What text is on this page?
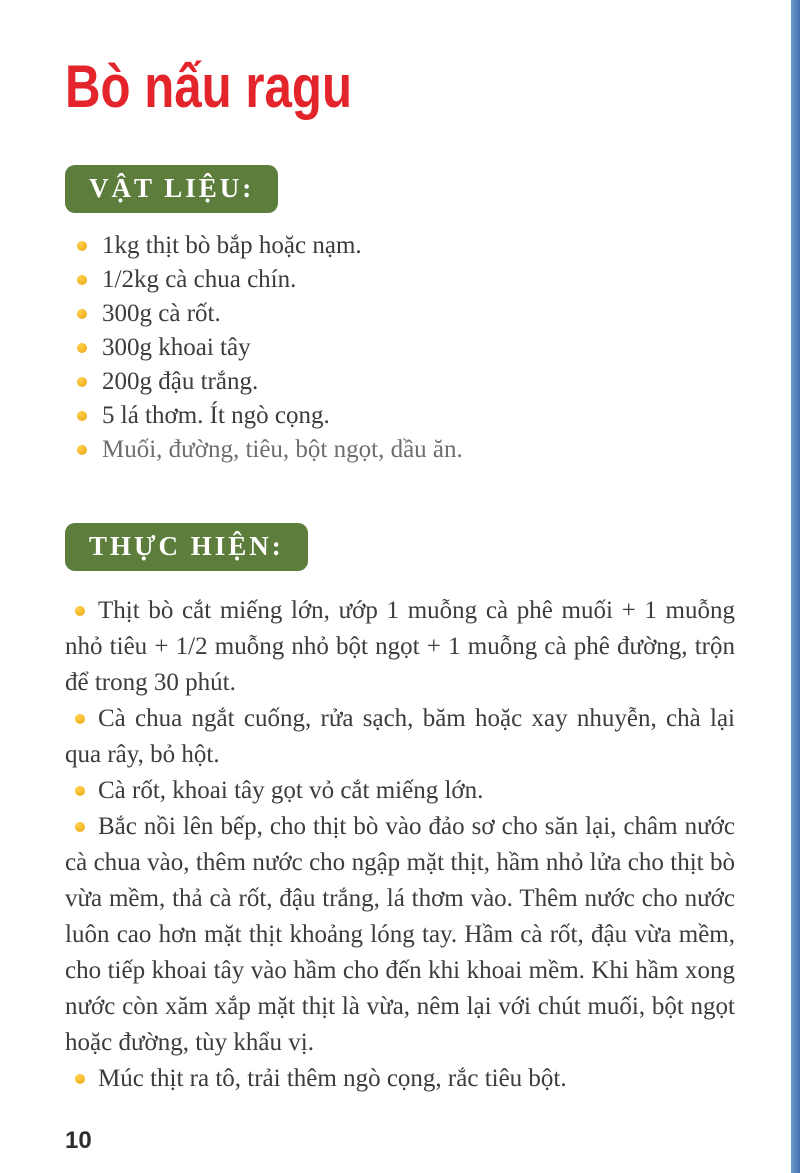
Bò nấu ragu
VẬT LIỆU:
1kg thịt bò bắp hoặc nạm.
1/2kg cà chua chín.
300g cà rốt.
300g khoai tây
200g đậu trắng.
5 lá thơm. Ít ngò cọng.
Muối, đường, tiêu, bột ngọt, dầu ăn.
THỰC HIỆN:

Thịt bò cắt miếng lớn, ướp 1 muỗng cà phê muối + 1 muỗng nhỏ tiêu + 1/2 muỗng nhỏ bột ngọt + 1 muỗng cà phê đường, trộn để trong 30 phút.

Cà chua ngắt cuống, rửa sạch, băm hoặc xay nhuyễn, chà lại qua rây, bỏ hột.

Cà rốt, khoai tây gọt vỏ cắt miếng lớn.

Bắc nồi lên bếp, cho thịt bò vào đảo sơ cho săn lại, châm nước cà chua vào, thêm nước cho ngập mặt thịt, hầm nhỏ lửa cho thịt bò vừa mềm, thả cà rốt, đậu trắng, lá thơm vào. Thêm nước cho nước luôn cao hơn mặt thịt khoảng lóng tay. Hầm cà rốt, đậu vừa mềm, cho tiếp khoai tây vào hầm cho đến khi khoai mềm. Khi hầm xong nước còn xăm xắp mặt thịt là vừa, nêm lại với chút muối, bột ngọt hoặc đường, tùy khẩu vị.

Múc thịt ra tô, trải thêm ngò cọng, rắc tiêu bột.

10
